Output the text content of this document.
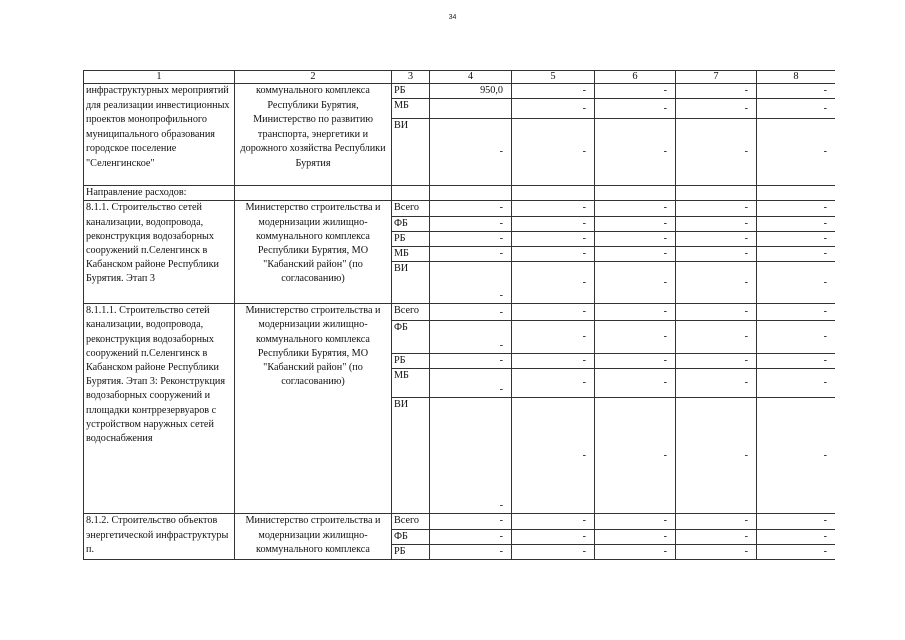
34
1	2	3	4	5	6	7	8
инфраструктурных мероприятий для реализации инвестиционных проектов монопрофильного муниципального образования городское поселение "Селенгинское"	коммунального комплекса Республики Бурятия, Министерство по развитию транспорта, энергетики и дорожного хозяйства Республики Бурятия	РБ	950,0	-	-	-	-
		МБ		-	-	-	-
		ВИ	-	-	-	-	-
Направление расходов:							
8.1.1. Строительство сетей канализации, водопровода, реконструкция водозаборных сооружений п.Селенгинск в Кабанском районе Республики Бурятия. Этап 3	Министерство строительства и модернизации жилищно-коммунального комплекса Республики Бурятия, МО "Кабанский район" (по согласованию)	Всего	-	-	-	-	-
		ФБ	-	-	-	-	-
		РБ	-	-	-	-	-
		МБ	-	-	-	-	-
		ВИ	-	-	-	-	-
8.1.1.1. Строительство сетей канализации, водопровода, реконструкция водозаборных сооружений п.Селенгинск в Кабанском районе Республики Бурятия. Этап 3: Реконструкция водозаборных сооружений и площадки контррезервуаров с устройством наружных сетей водоснабжения	Министерство строительства и модернизации жилищно-коммунального комплекса Республики Бурятия, МО "Кабанский район" (по согласованию)	Всего	-	-	-	-	-
		ФБ	-	-	-	-	-
		РБ	-	-	-	-	-
		МБ	-	-	-	-	-
		ВИ	-	-	-	-	-
8.1.2. Строительство объектов энергетической инфраструктуры п.	Министерство строительства и модернизации жилищно-коммунального комплекса	Всего	-	-	-	-	-
		ФБ	-	-	-	-	-
		РБ	-	-	-	-	-
